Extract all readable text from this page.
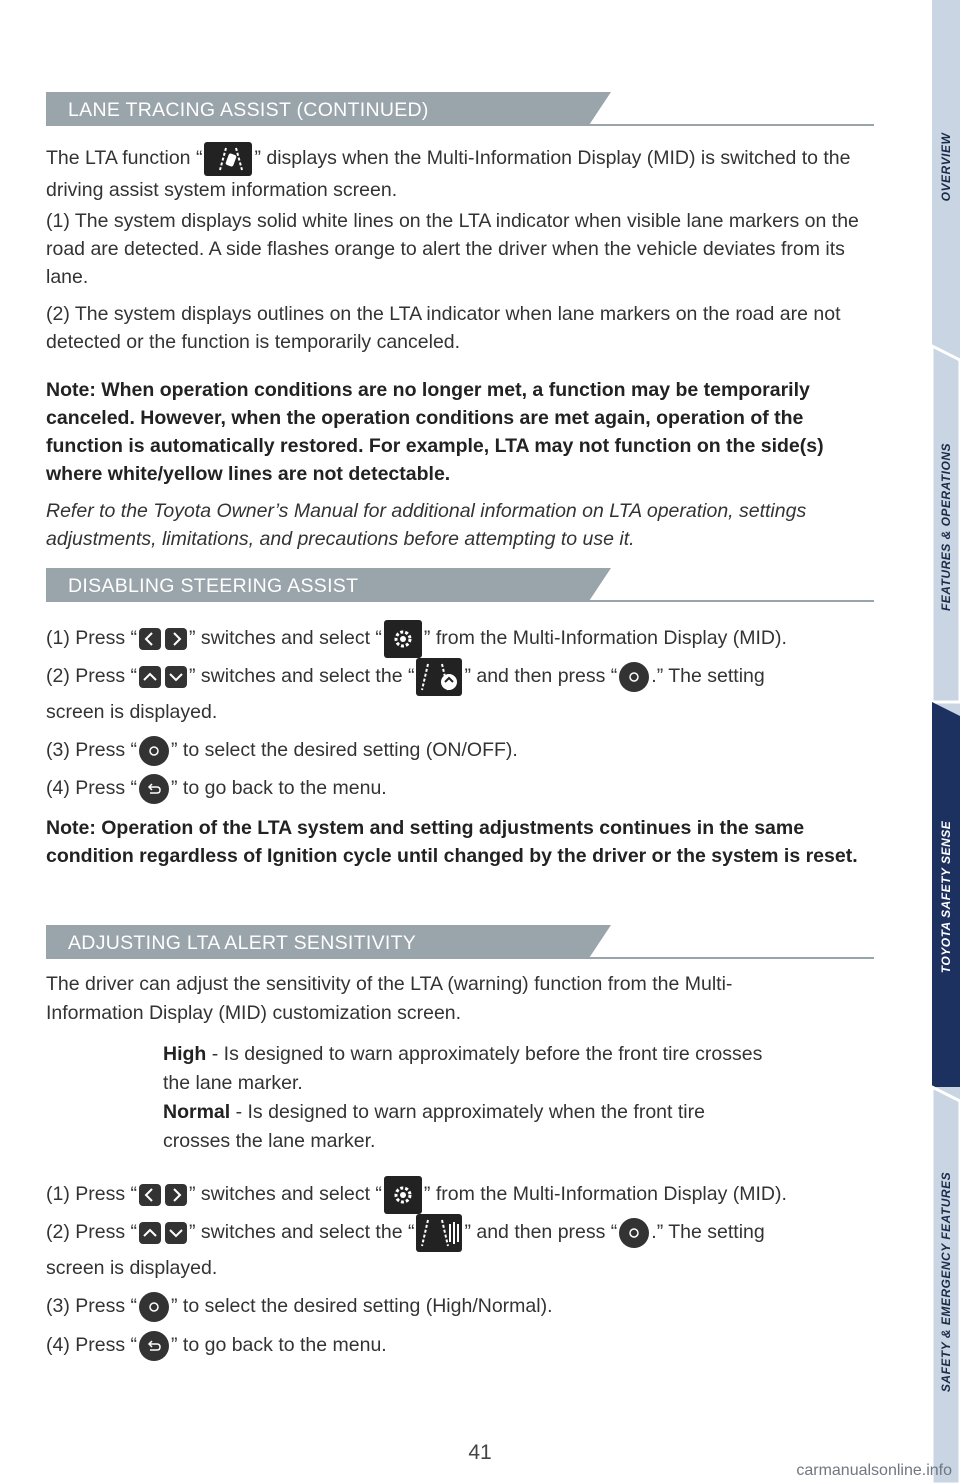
OVERVIEW
FEATURES & OPERATIONS
TOYOTA SAFETY SENSE
SAFETY & EMERGENCY FEATURES
LANE TRACING ASSIST (CONTINUED)
The LTA function “	” displays when the Multi-Information Display (MID) is switched to the driving assist system information screen.
(1) The system displays solid white lines on the LTA indicator when visible lane markers on the road are detected. A side flashes orange to alert the driver when the vehicle deviates from its lane.
(2) The system displays outlines on the LTA indicator when lane markers on the road are not detected or the function is temporarily canceled.
Note: When operation conditions are no longer met, a function may be temporarily canceled. However, when the operation conditions are met again, operation of the function is automatically restored. For example, LTA may not function on the side(s) where white/yellow lines are not detectable.
Refer to the Toyota Owner’s Manual for additional information on LTA operation, settings adjustments, limitations, and precautions before attempting to use it.
DISABLING STEERING ASSIST
(1) Press “	” switches and select “ ” from the Multi-Information Display (MID).
(2) Press “	” switches and select the “	” and then press “ .” The setting
screen is displayed.
(3) Press “ ” to select the desired setting (ON/OFF).
(4) Press “ ” to go back to the menu.
Note: Operation of the LTA system and setting adjustments continues in the same condition regardless of Ignition cycle until changed by the driver or the system is reset.
ADJUSTING LTA ALERT SENSITIVITY
The driver can adjust the sensitivity of the LTA (warning) function from the Multi-Information Display (MID) customization screen.
High - Is designed to warn approximately before the front tire crosses the lane marker.
Normal - Is designed to warn approximately when the front tire crosses the lane marker.
(1) Press “	” switches and select “ ” from the Multi-Information Display (MID).
(2) Press “	” switches and select the “	” and then press “ .” The setting
screen is displayed.
(3) Press “ ” to select the desired setting (High/Normal).
(4) Press “ ” to go back to the menu.
41
carmanualsonline.info
